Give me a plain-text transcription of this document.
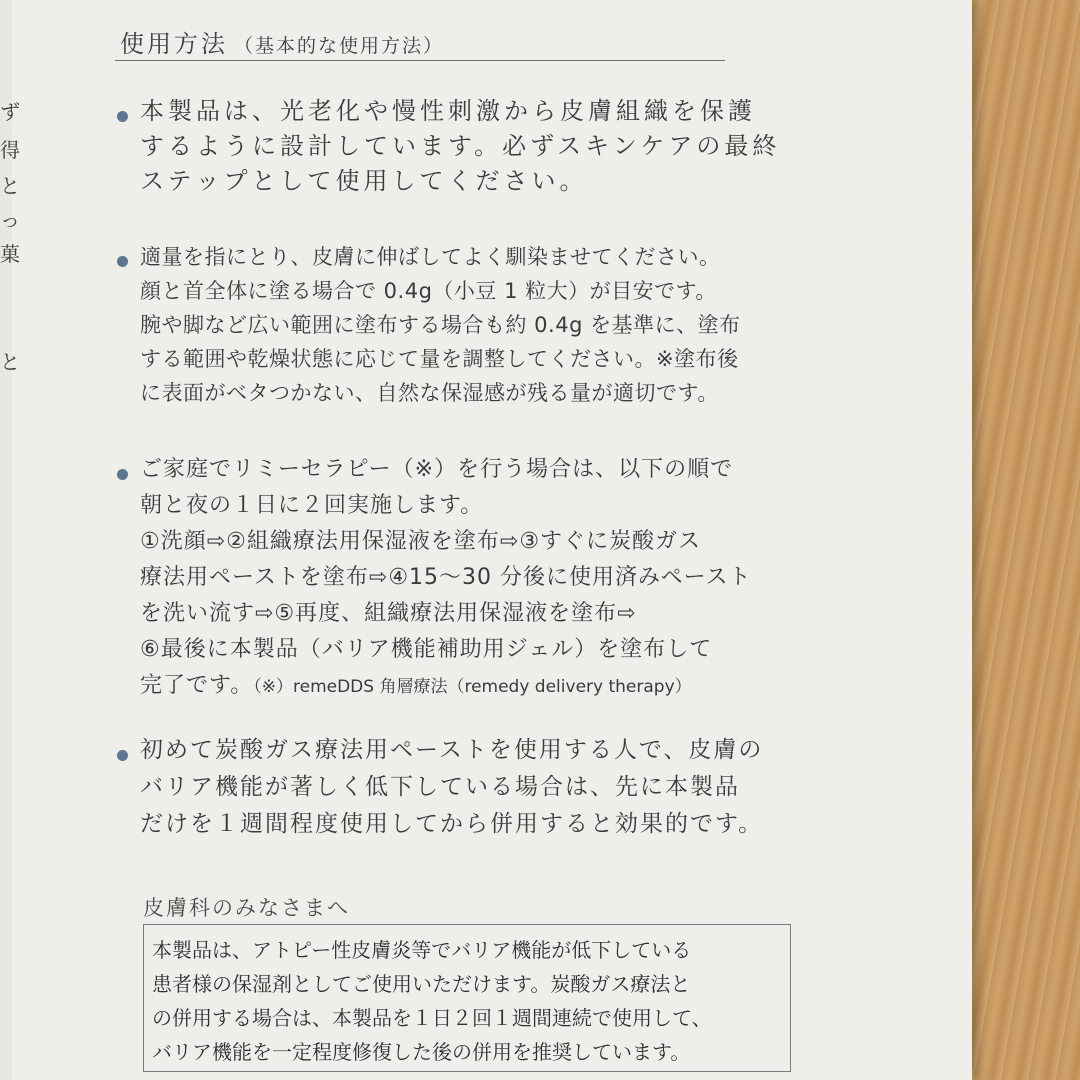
ず
得
と
っ
菓
と
使用方法 （基本的な使用方法）

本製品は、光老化や慢性刺激から皮膚組織を保護
するように設計しています。必ずスキンケアの最終
ステップとして使用してください。

適量を指にとり、皮膚に伸ばしてよく馴染ませてください。
顔と首全体に塗る場合で 0.4g（小豆 1 粒大）が目安です。
腕や脚など広い範囲に塗布する場合も約 0.4g を基準に、塗布
する範囲や乾燥状態に応じて量を調整してください。※塗布後
に表面がベタつかない、自然な保湿感が残る量が適切です。

ご家庭でリミーセラピー（※）を行う場合は、以下の順で
朝と夜の１日に２回実施します。
①洗顔⇨②組織療法用保湿液を塗布⇨③すぐに炭酸ガス
療法用ペーストを塗布⇨④15～30 分後に使用済みペースト
を洗い流す⇨⑤再度、組織療法用保湿液を塗布⇨
⑥最後に本製品（バリア機能補助用ジェル）を塗布して
完了です。（※）remeDDS 角層療法（remedy delivery therapy）

初めて炭酸ガス療法用ペーストを使用する人で、皮膚の
バリア機能が著しく低下している場合は、先に本製品
だけを１週間程度使用してから併用すると効果的です。

皮膚科のみなさまへ

本製品は、アトピー性皮膚炎等でバリア機能が低下している
患者様の保湿剤としてご使用いただけます。炭酸ガス療法と
の併用する場合は、本製品を１日２回１週間連続で使用して、
バリア機能を一定程度修復した後の併用を推奨しています。
